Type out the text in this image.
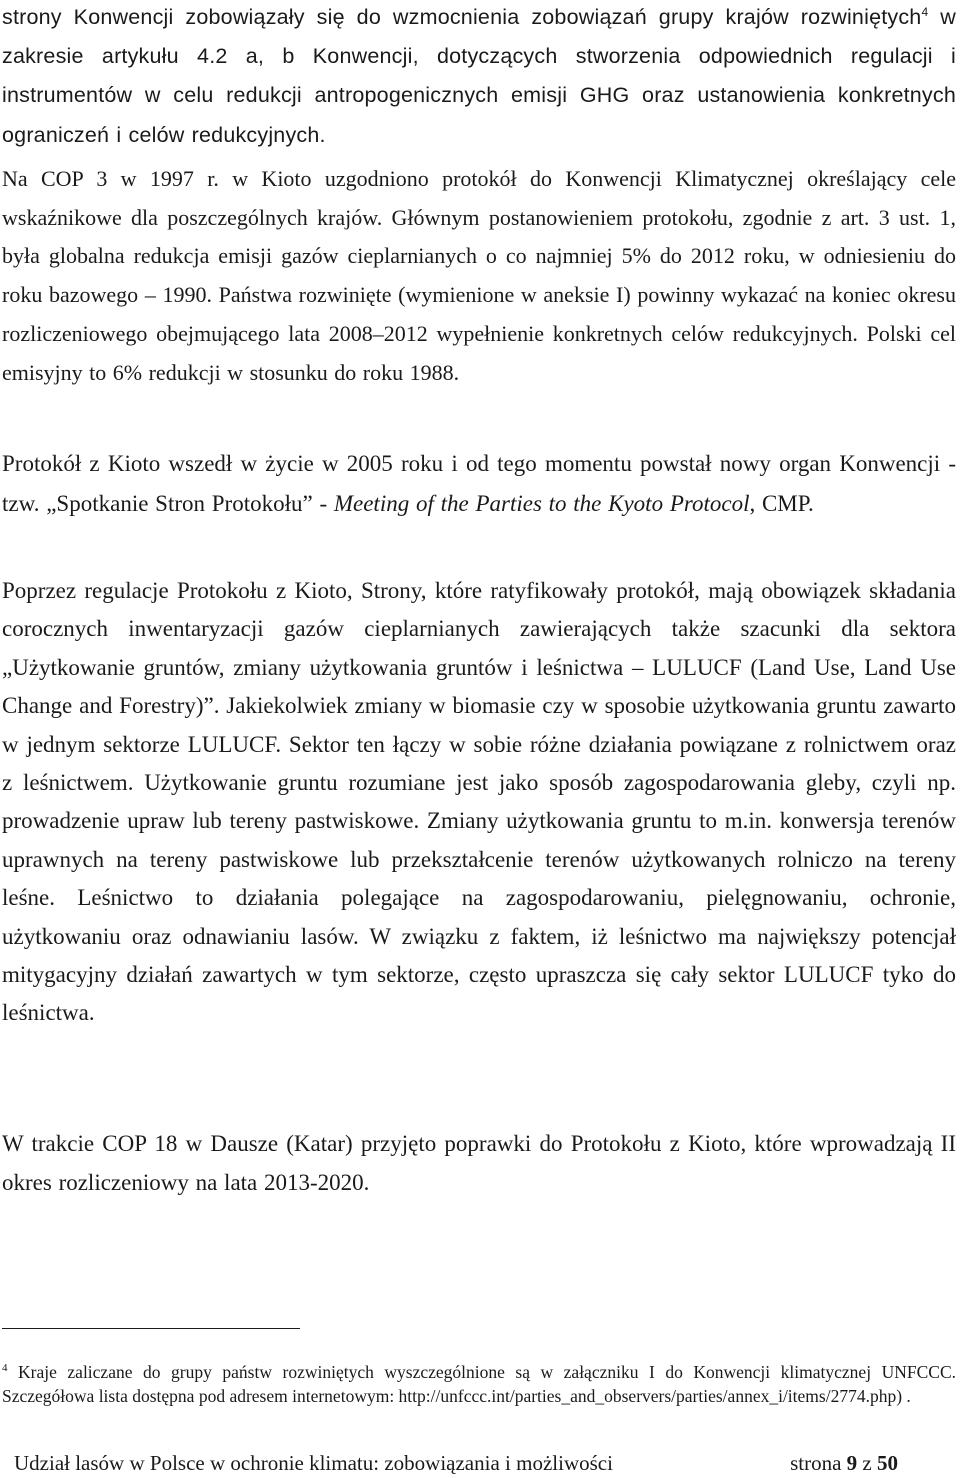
strony Konwencji zobowiązały się do wzmocnienia zobowiązań grupy krajów rozwiniętych$^4$ w zakresie artykułu 4.2 a, b Konwencji, dotyczących stworzenia odpowiednich regulacji i instrumentów w celu redukcji antropogenicznych emisji GHG oraz ustanowienia konkretnych ograniczeń i celów redukcyjnych.

Na COP 3 w 1997 r. w Kioto uzgodniono protokół do Konwencji Klimatycznej określający cele wskaźnikowe dla poszczególnych krajów. Głównym postanowieniem protokołu, zgodnie z art. 3 ust. 1, była globalna redukcja emisji gazów cieplarnianych o co najmniej 5% do 2012 roku, w odniesieniu do roku bazowego – 1990. Państwa rozwinięte (wymienione w aneksie I) powinny wykazać na koniec okresu rozliczeniowego obejmującego lata 2008–2012 wypełnienie konkretnych celów redukcyjnych. Polski cel emisyjny to 6% redukcji w stosunku do roku 1988.

Protokół z Kioto wszedł w życie w 2005 roku i od tego momentu powstał nowy organ Konwencji - tzw. „Spotkanie Stron Protokołu” - Meeting of the Parties to the Kyoto Protocol, CMP.

Poprzez regulacje Protokołu z Kioto, Strony, które ratyfikowały protokół, mają obowiązek składania corocznych inwentaryzacji gazów cieplarnianych zawierających także szacunki dla sektora „Użytkowanie gruntów, zmiany użytkowania gruntów i leśnictwa – LULUCF (Land Use, Land Use Change and Forestry)”. Jakiekolwiek zmiany w biomasie czy w sposobie użytkowania gruntu zawarto w jednym sektorze LULUCF. Sektor ten łączy w sobie różne działania powiązane z rolnictwem oraz z leśnictwem. Użytkowanie gruntu rozumiane jest jako sposób zagospodarowania gleby, czyli np. prowadzenie upraw lub tereny pastwiskowe. Zmiany użytkowania gruntu to m.in. konwersja terenów uprawnych na tereny pastwiskowe lub przekształcenie terenów użytkowanych rolniczo na tereny leśne. Leśnictwo to działania polegające na zagospodarowaniu, pielęgnowaniu, ochronie, użytkowaniu oraz odnawianiu lasów. W związku z faktem, iż leśnictwo ma największy potencjał mitygacyjny działań zawartych w tym sektorze, często upraszcza się cały sektor LULUCF tyko do leśnictwa.

W trakcie COP 18 w Dausze (Katar) przyjęto poprawki do Protokołu z Kioto, które wprowadzają II okres rozliczeniowy na lata 2013-2020.

$^4$ Kraje zaliczane do grupy państw rozwiniętych wyszczególnione są w załączniku I do Konwencji klimatycznej UNFCCC. Szczegółowa lista dostępna pod adresem internetowym: http://unfccc.int/parties_and_observers/parties/annex_i/items/2774.php) .

Udział lasów w Polsce w ochronie klimatu: zobowiązania i możliwości	strona 9 z 50
